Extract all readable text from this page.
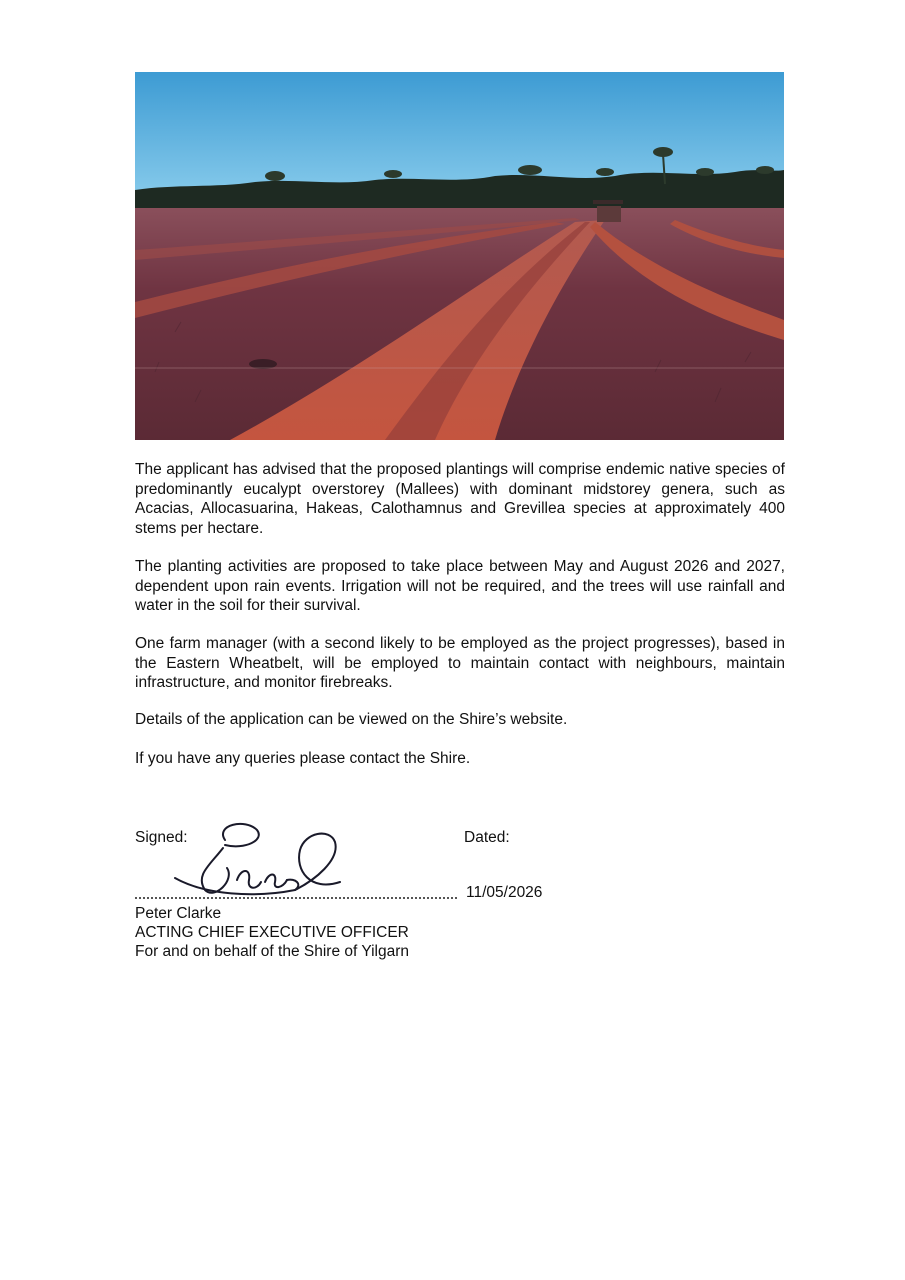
The applicant has advised that the proposed plantings will comprise endemic native species of predominantly eucalypt overstorey (Mallees) with dominant midstorey genera, such as Acacias, Allocasuarina, Hakeas, Calothamnus and Grevillea species at approximately 400 stems per hectare.
The planting activities are proposed to take place between May and August 2026 and 2027, dependent upon rain events. Irrigation will not be required, and the trees will use rainfall and water in the soil for their survival.
One farm manager (with a second likely to be employed as the project progresses), based in the Eastern Wheatbelt, will be employed to maintain contact with neighbours, maintain infrastructure, and monitor firebreaks.
Details of the application can be viewed on the Shire’s website.
If you have any queries please contact the Shire.
Signed:	Dated:
11/05/2026
Peter Clarke
ACTING CHIEF EXECUTIVE OFFICER
For and on behalf of the Shire of Yilgarn
